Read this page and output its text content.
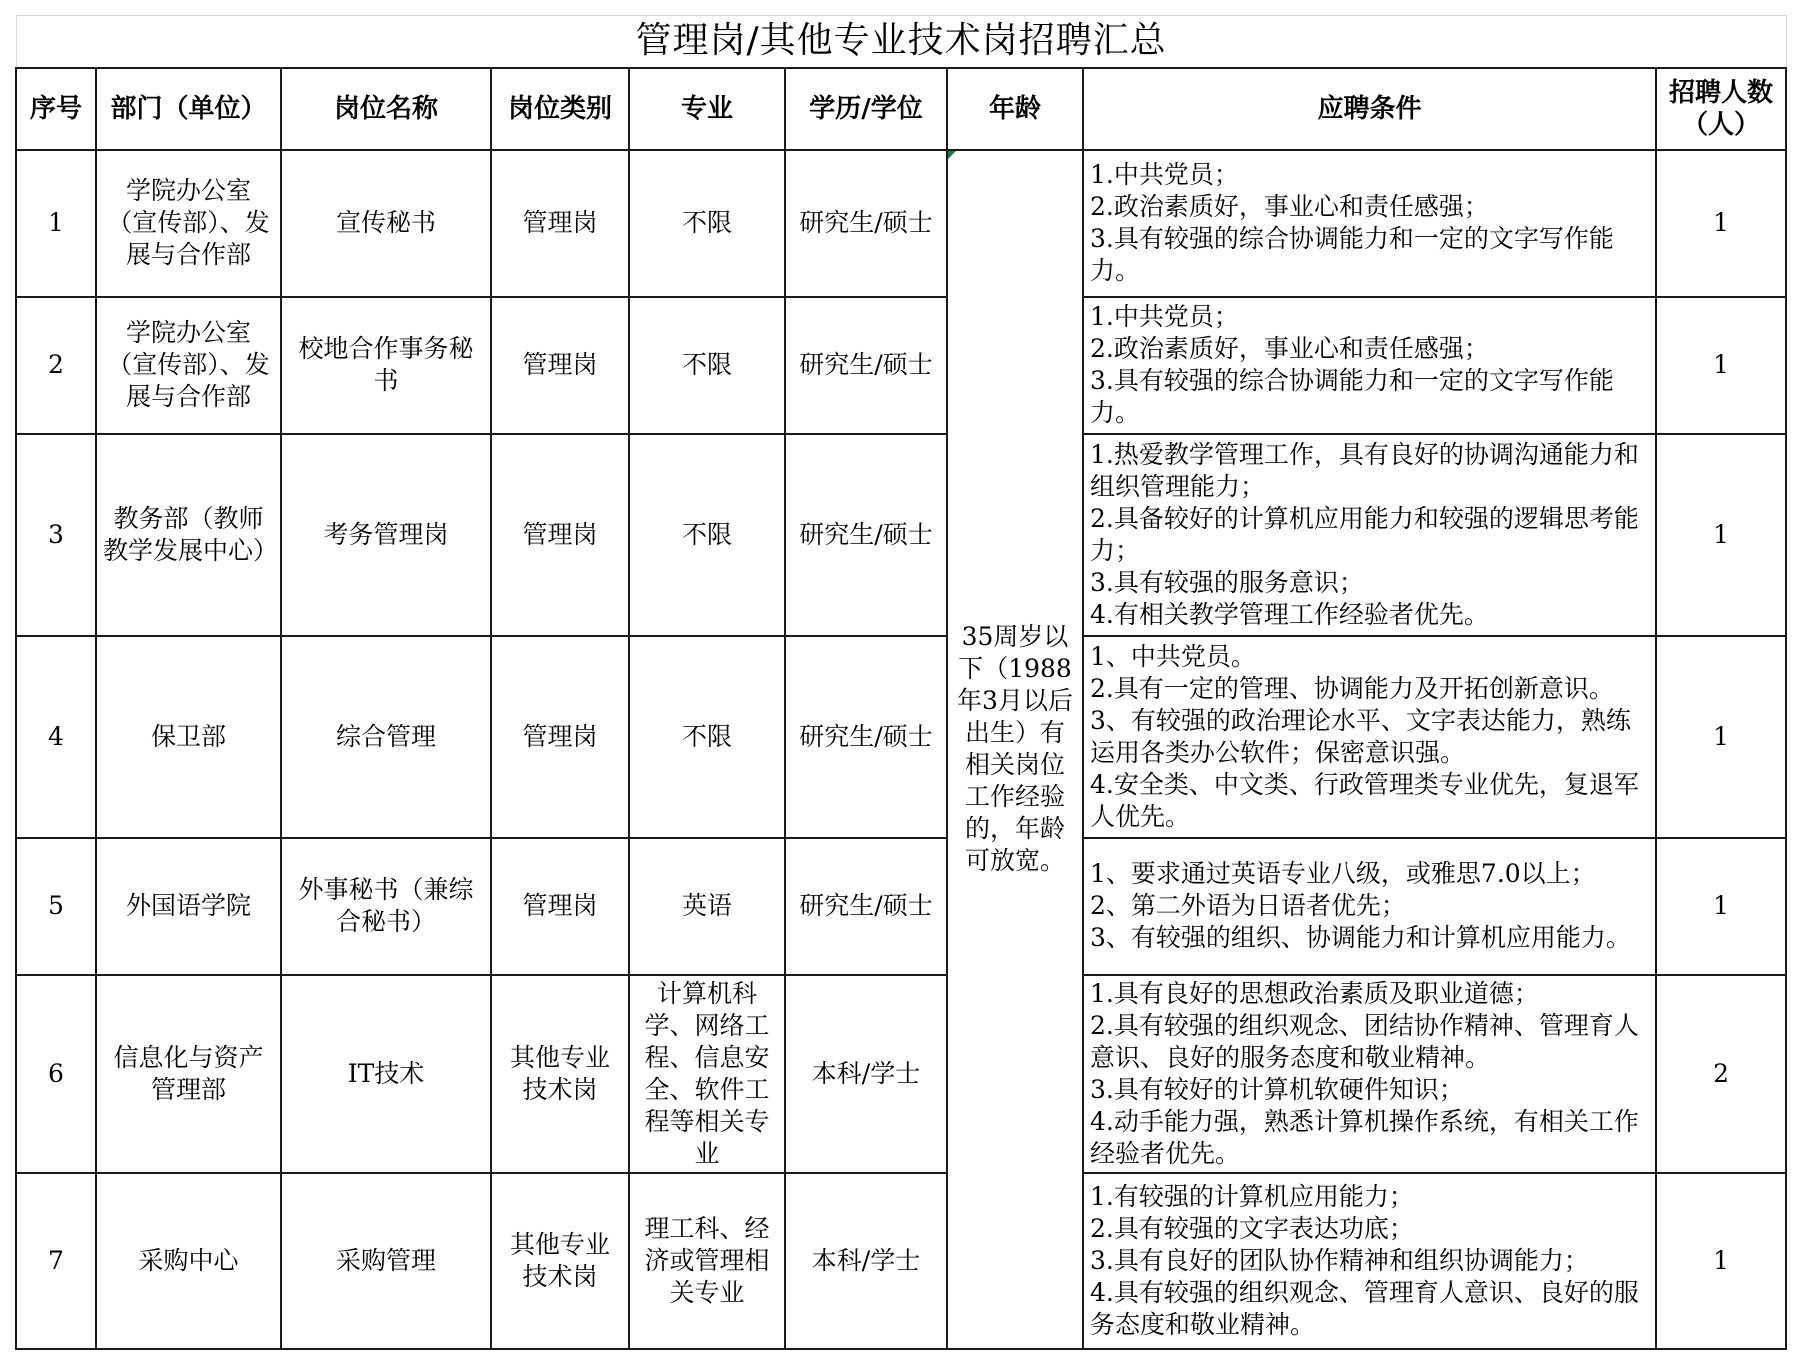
管理岗/其他专业技术岗招聘汇总								
序号	部门（单位）	岗位名称	岗位类别	专业	学历/学位	年龄	应聘条件	招聘人数
（人）

1	学院办公室（宣传部）、发展与合作部	宣传秘书	管理岗	不限	研究生/硕士	35周岁以下（1988年3月以后出生）有相关岗位工作经验的，年龄可放宽。	1.中共党员；
2.政治素质好，事业心和责任感强；
3.具有较强的综合协调能力和一定的文字写作能力。	1
2	学院办公室（宣传部）、发展与合作部	校地合作事务秘书	管理岗	不限	研究生/硕士		1.中共党员；
2.政治素质好，事业心和责任感强；
3.具有较强的综合协调能力和一定的文字写作能力。	1
3	教务部（教师教学发展中心）	考务管理岗	管理岗	不限	研究生/硕士		1.热爱教学管理工作，具有良好的协调沟通能力和组织管理能力；
2.具备较好的计算机应用能力和较强的逻辑思考能力；
3.具有较强的服务意识；
4.有相关教学管理工作经验者优先。	1
4	保卫部	综合管理	管理岗	不限	研究生/硕士		1、中共党员。
2.具有一定的管理、协调能力及开拓创新意识。
3、有较强的政治理论水平、文字表达能力，熟练运用各类办公软件；保密意识强。
4.安全类、中文类、行政管理类专业优先，复退军人优先。	1
5	外国语学院	外事秘书（兼综合秘书）	管理岗	英语	研究生/硕士		1、要求通过英语专业八级，或雅思7.0以上；
2、第二外语为日语者优先；
3、有较强的组织、协调能力和计算机应用能力。	1
6	信息化与资产管理部	IT技术	其他专业技术岗	计算机科学、网络工程、信息安全、软件工程等相关专业	本科/学士		1.具有良好的思想政治素质及职业道德；
2.具有较强的组织观念、团结协作精神、管理育人意识、良好的服务态度和敬业精神。
3.具有较好的计算机软硬件知识；
4.动手能力强，熟悉计算机操作系统，有相关工作经验者优先。	2
7	采购中心	采购管理	其他专业技术岗	理工科、经济或管理相关专业	本科/学士		1.有较强的计算机应用能力；
2.具有较强的文字表达功底；
3.具有良好的团队协作精神和组织协调能力；
4.具有较强的组织观念、管理育人意识、良好的服务态度和敬业精神。	1
